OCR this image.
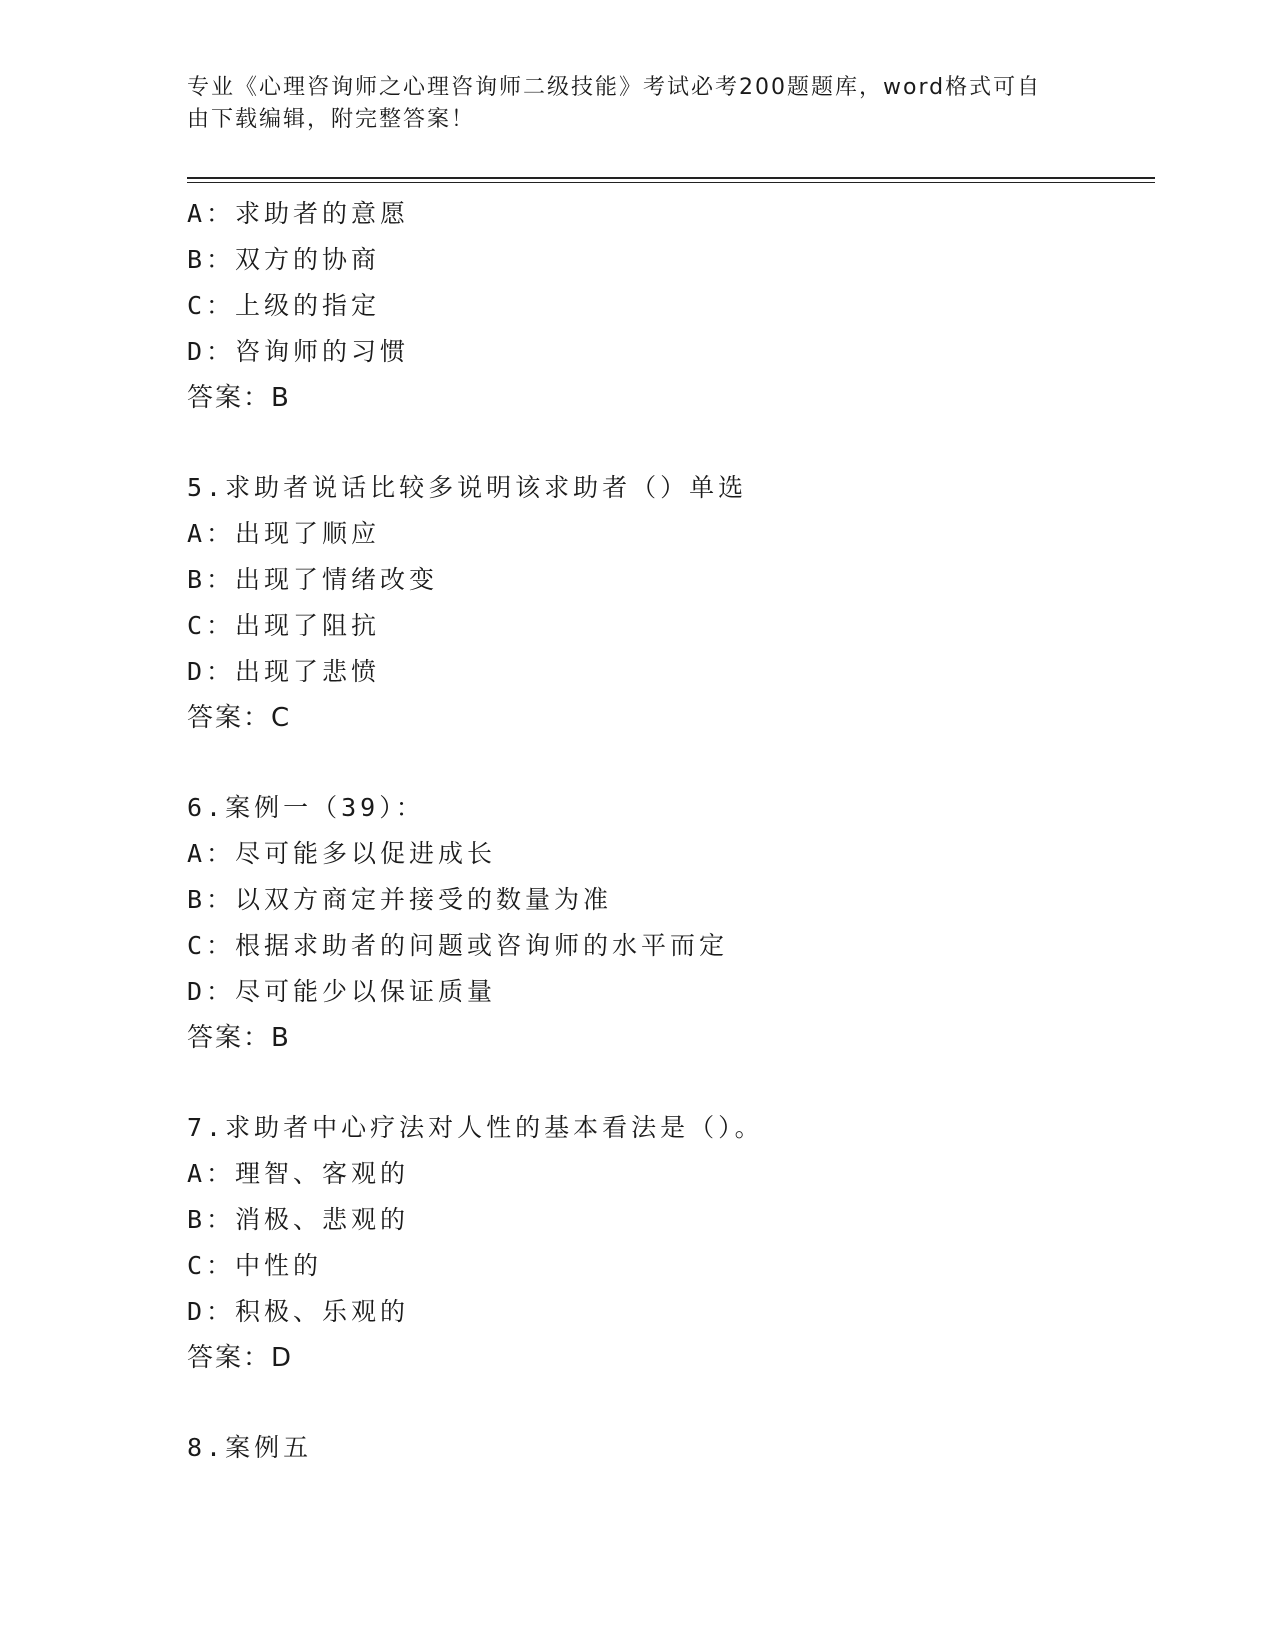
专业《心理咨询师之心理咨询师二级技能》考试必考200题题库，word格式可自
由下载编辑，附完整答案！
A：求助者的意愿
B：双方的协商
C：上级的指定
D：咨询师的习惯
答案：B
5.求助者说话比较多说明该求助者（）单选
A：出现了顺应
B：出现了情绪改变
C：出现了阻抗
D：出现了悲愤
答案：C
6.案例一（39）：
A：尽可能多以促进成长
B：以双方商定并接受的数量为准
C：根据求助者的问题或咨询师的水平而定
D：尽可能少以保证质量
答案：B
7.求助者中心疗法对人性的基本看法是（）。
A：理智、客观的
B：消极、悲观的
C：中性的
D：积极、乐观的
答案：D
8.案例五
